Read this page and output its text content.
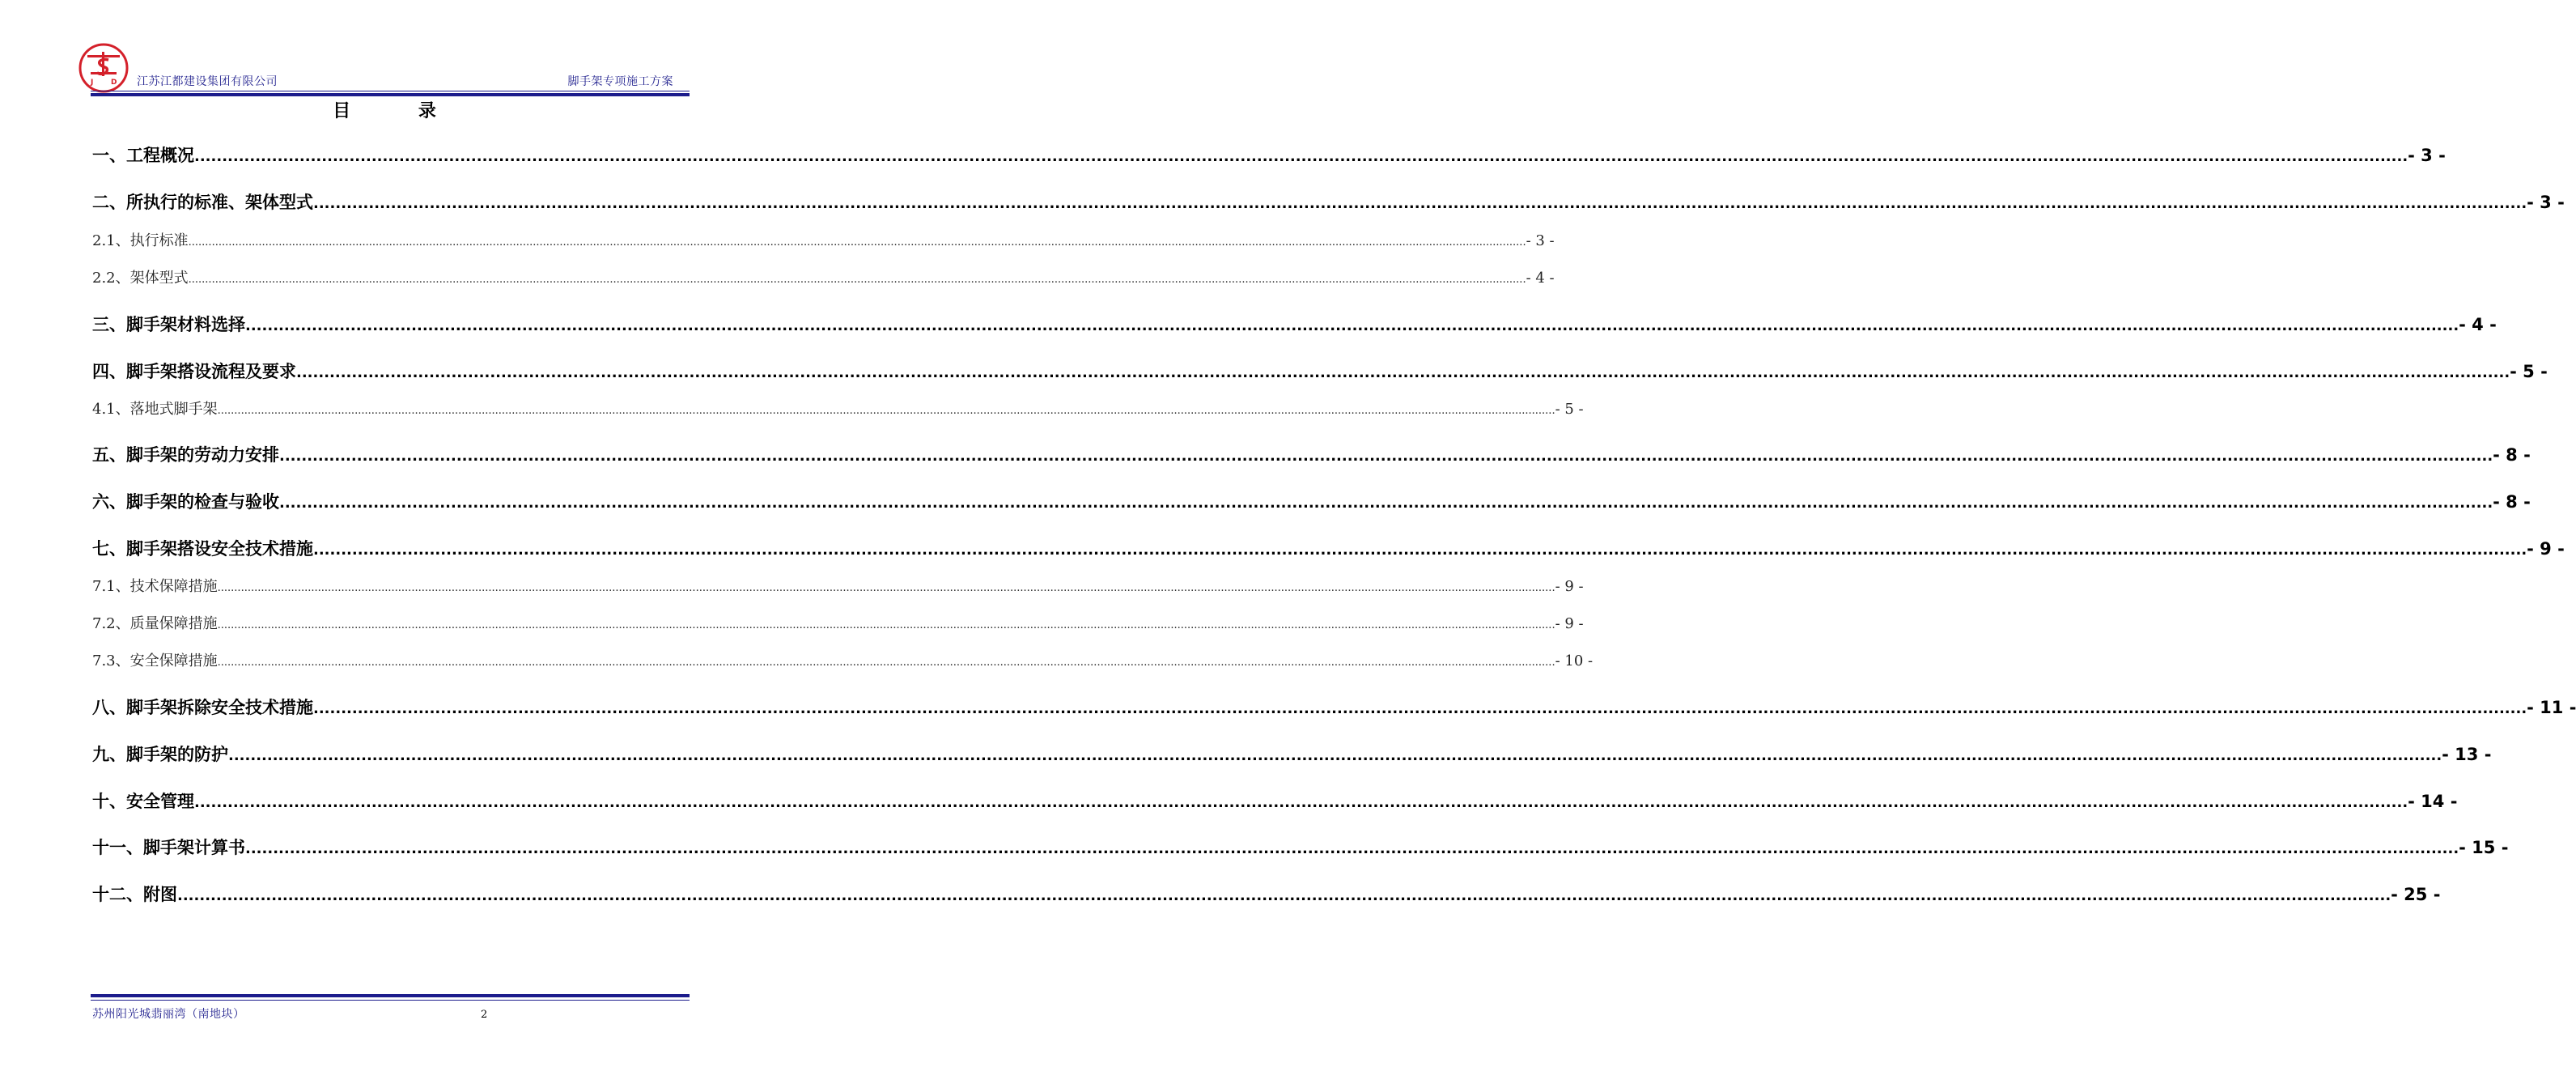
J D 江苏江都建设集团有限公司	脚手架专项施工方案
目 录
一、工程概况 ................................................................................................................................................................................................................................................................................................................................................................................................................ - 3 -
二、所执行的标准、架体型式 ................................................................................................................................................................................................................................................................................................................................................................................................................ - 3 -
2.1、执行标准 ................................................................................................................................................................................................................................................................................................................................................................................................................ - 3 -
2.2、架体型式 ................................................................................................................................................................................................................................................................................................................................................................................................................ - 4 -
三、脚手架材料选择 ................................................................................................................................................................................................................................................................................................................................................................................................................ - 4 -
四、脚手架搭设流程及要求 ................................................................................................................................................................................................................................................................................................................................................................................................................ - 5 -
4.1、落地式脚手架 ................................................................................................................................................................................................................................................................................................................................................................................................................ - 5 -
五、脚手架的劳动力安排 ................................................................................................................................................................................................................................................................................................................................................................................................................ - 8 -
六、脚手架的检查与验收 ................................................................................................................................................................................................................................................................................................................................................................................................................ - 8 -
七、脚手架搭设安全技术措施 ................................................................................................................................................................................................................................................................................................................................................................................................................ - 9 -
7.1、技术保障措施 ................................................................................................................................................................................................................................................................................................................................................................................................................ - 9 -
7.2、质量保障措施 ................................................................................................................................................................................................................................................................................................................................................................................................................ - 9 -
7.3、安全保障措施 ................................................................................................................................................................................................................................................................................................................................................................................................................ - 10 -
八、脚手架拆除安全技术措施 ................................................................................................................................................................................................................................................................................................................................................................................................................ - 11 -
九、脚手架的防护 ................................................................................................................................................................................................................................................................................................................................................................................................................ - 13 -
十、安全管理 ................................................................................................................................................................................................................................................................................................................................................................................................................ - 14 -
十一、脚手架计算书 ................................................................................................................................................................................................................................................................................................................................................................................................................ - 15 -
十二、附图 ................................................................................................................................................................................................................................................................................................................................................................................................................ - 25 -
苏州阳光城翡丽湾（南地块）	2
